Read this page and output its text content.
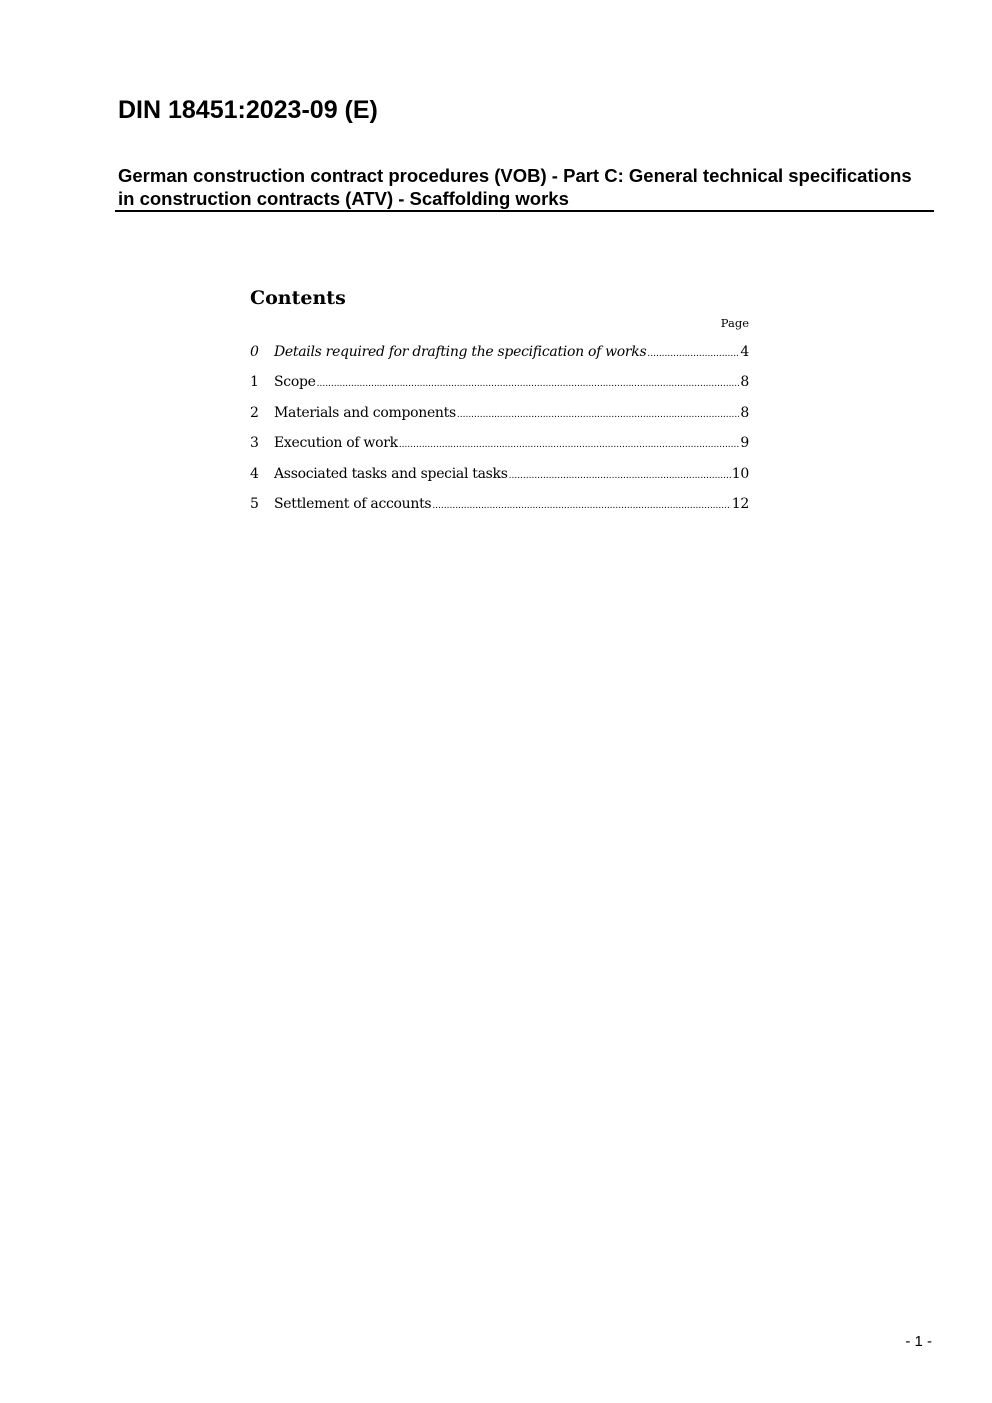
DIN 18451:2023-09 (E)
German construction contract procedures (VOB) - Part C: General technical specifications in construction contracts (ATV) - Scaffolding works
Contents
Page
0	Details required for drafting the specification of works .....	4
1	Scope .....	8
2	Materials and components .....	8
3	Execution of work .....	9
4	Associated tasks and special tasks .....	10
5	Settlement of accounts .....	12
- 1 -
